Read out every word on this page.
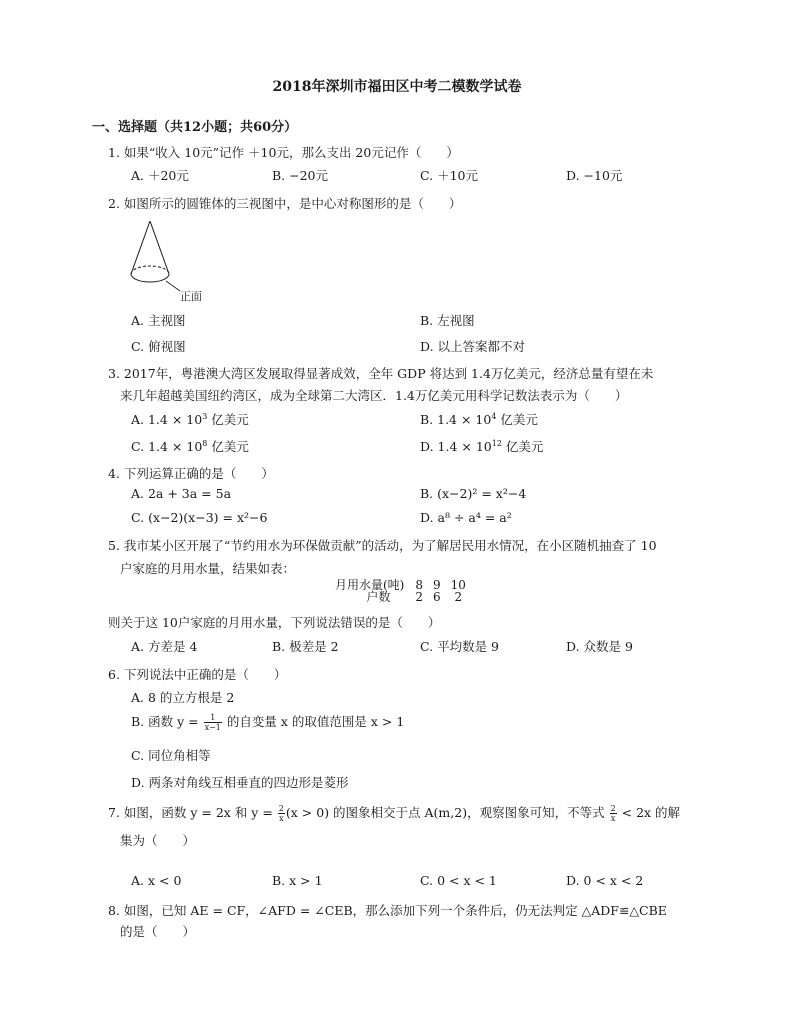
2018年深圳市福田区中考二模数学试卷
一、选择题（共12小题；共60分）
1. 如果“收入 10元”记作 ＋10元，那么支出 20元记作（　　）
A. ＋20元	B. −20元	C. ＋10元	D. −10元
2. 如图所示的圆锥体的三视图中，是中心对称图形的是（　　）
正面
A. 主视图	B. 左视图
C. 俯视图	D. 以上答案都不对
3. 2017年，粤港澳大湾区发展取得显著成效，全年 GDP 将达到 1.4万亿美元，经济总量有望在未
来几年超越美国纽约湾区，成为全球第二大湾区．1.4万亿美元用科学记数法表示为（　　）
A. $1.4 \times 10^3$ 亿美元	B. $1.4 \times 10^4$ 亿美元
C. $1.4 \times 10^8$ 亿美元	D. $1.4 \times 10^{12}$ 亿美元
4. 下列运算正确的是（　　）
A. 2a + 3a = 5a	B. (x−2)² = x²−4
C. (x−2)(x−3) = x²−6	D. a⁸ ÷ a⁴ = a²
5. 我市某小区开展了“节约用水为环保做贡献”的活动，为了解居民用水情况，在小区随机抽查了 10
户家庭的月用水量，结果如表：
月用水量(吨)	8	9	10
户数	2	6	2
则关于这 10户家庭的月用水量，下列说法错误的是（　　）
A. 方差是 4	B. 极差是 2	C. 平均数是 9	D. 众数是 9
6. 下列说法中正确的是（　　）
A. 8 的立方根是 2
B. 函数 $y = \frac{1}{x-1}$ 的自变量 x 的取值范围是 x > 1
C. 同位角相等
D. 两条对角线互相垂直的四边形是菱形
7. 如图，函数 y = 2x 和 $y = \frac{2}{x} (x > 0)$ 的图象相交于点 A(m,2)，观察图象可知，不等式 $\frac{2}{x} < 2x$ 的解
集为（　　）
A. x < 0	B. x > 1	C. 0 < x < 1	D. 0 < x < 2
8. 如图，已知 AE = CF，∠AFD = ∠CEB，那么添加下列一个条件后，仍无法判定 △ADF≌△CBE
的是（　　）
